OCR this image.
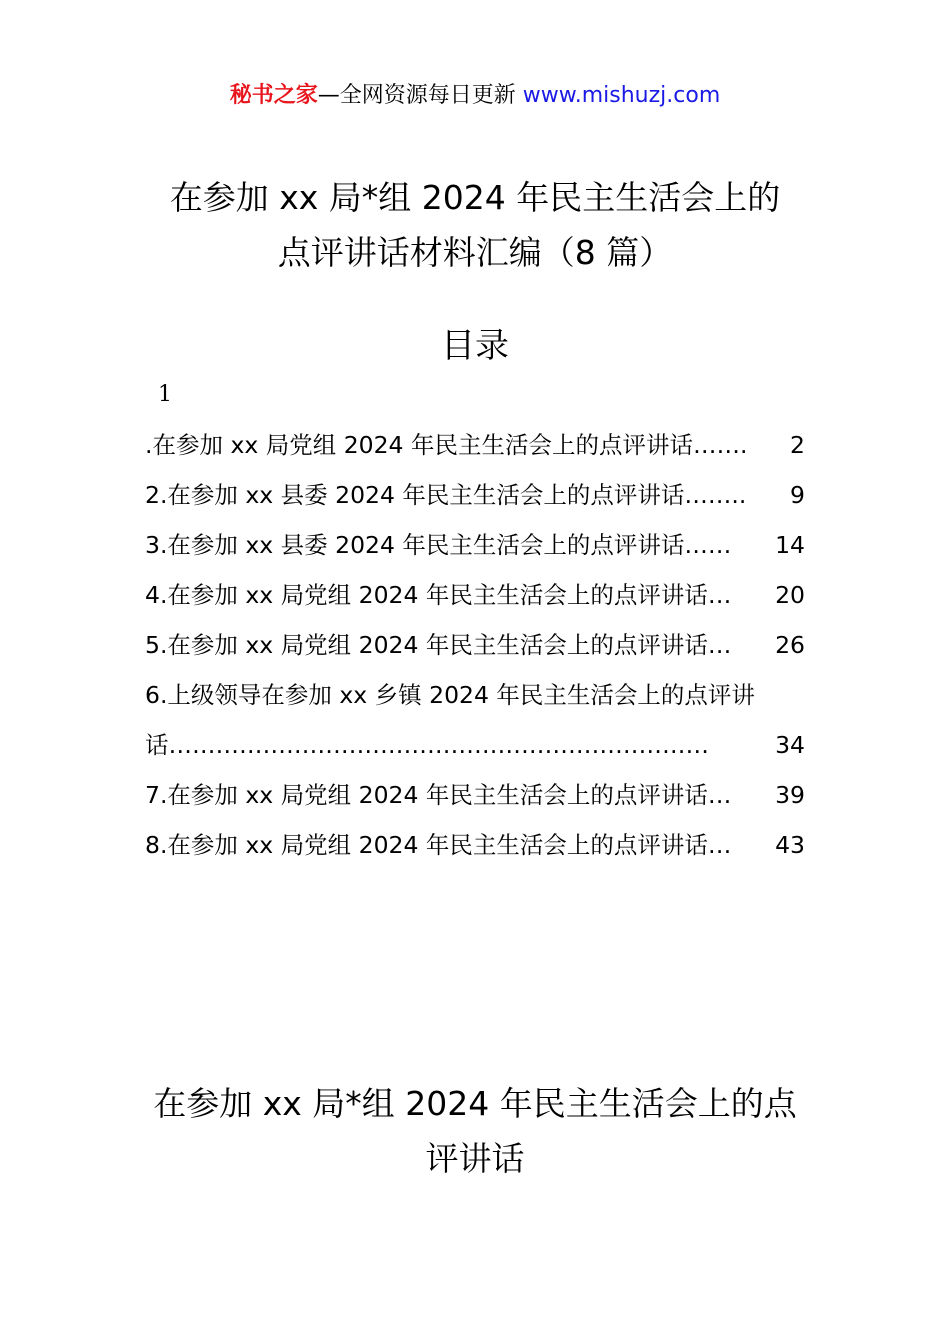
秘书之家—全网资源每日更新 www.mishuzj.com
在参加 xx 局*组 2024 年民主生活会上的
点评讲话材料汇编（8 篇）
目录
1
.在参加 xx 局党组 2024 年民主生活会上的点评讲话 …….	2
2.在参加 xx 县委 2024 年民主生活会上的点评讲话 ……..	9
3.在参加 xx 县委 2024 年民主生活会上的点评讲话 ……	14
4.在参加 xx 局党组 2024 年民主生活会上的点评讲话 …	20
5.在参加 xx 局党组 2024 年民主生活会上的点评讲话 …	26
6.上级领导在参加 xx 乡镇 2024 年民主生活会上的点评讲
话 ……………………………………………………………	34
7.在参加 xx 局党组 2024 年民主生活会上的点评讲话 …	39
8.在参加 xx 局党组 2024 年民主生活会上的点评讲话 …	43
在参加 xx 局*组 2024 年民主生活会上的点
评讲话
